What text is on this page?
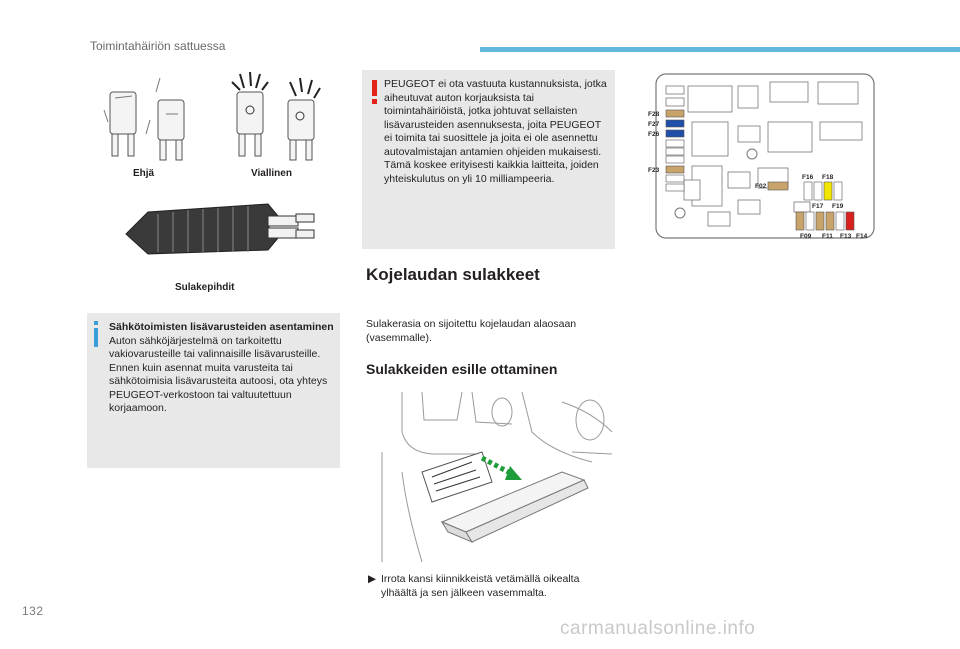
Toimintahäiriön sattuessa
Ehjä	Viallinen
Sulakepihdit
Sähkötoimisten lisävarusteiden asentaminen
Auton sähköjärjestelmä on tarkoitettu vakiovarusteille tai valinnaisille lisävarusteille.
Ennen kuin asennat muita varusteita tai sähkötoimisia lisävarusteita autoosi, ota yhteys PEUGEOT-verkostoon tai valtuutettuun korjaamoon.
PEUGEOT ei ota vastuuta kustannuksista, jotka aiheutuvat auton korjauksista tai toimintahäiriöistä, jotka johtuvat sellaisten lisävarusteiden asennuksesta, joita PEUGEOT ei toimita tai suosittele ja joita ei ole asennettu autovalmistajan antamien ohjeiden mukaisesti. Tämä koskee erityisesti kaikkia laitteita, joiden yhteiskulutus on yli 10 milliampeeria.
F28
F27
F26
F23
F02
F16 F18
F17 F19
F09 F11 F13 F14
Kojelaudan sulakkeet
Sulakerasia on sijoitettu kojelaudan alaosaan (vasemmalle).
Sulakkeiden esille ottaminen
▶ Irrota kansi kiinnikkeistä vetämällä oikealta ylhäältä ja sen jälkeen vasemmalta.
132
carmanualsonline.info
